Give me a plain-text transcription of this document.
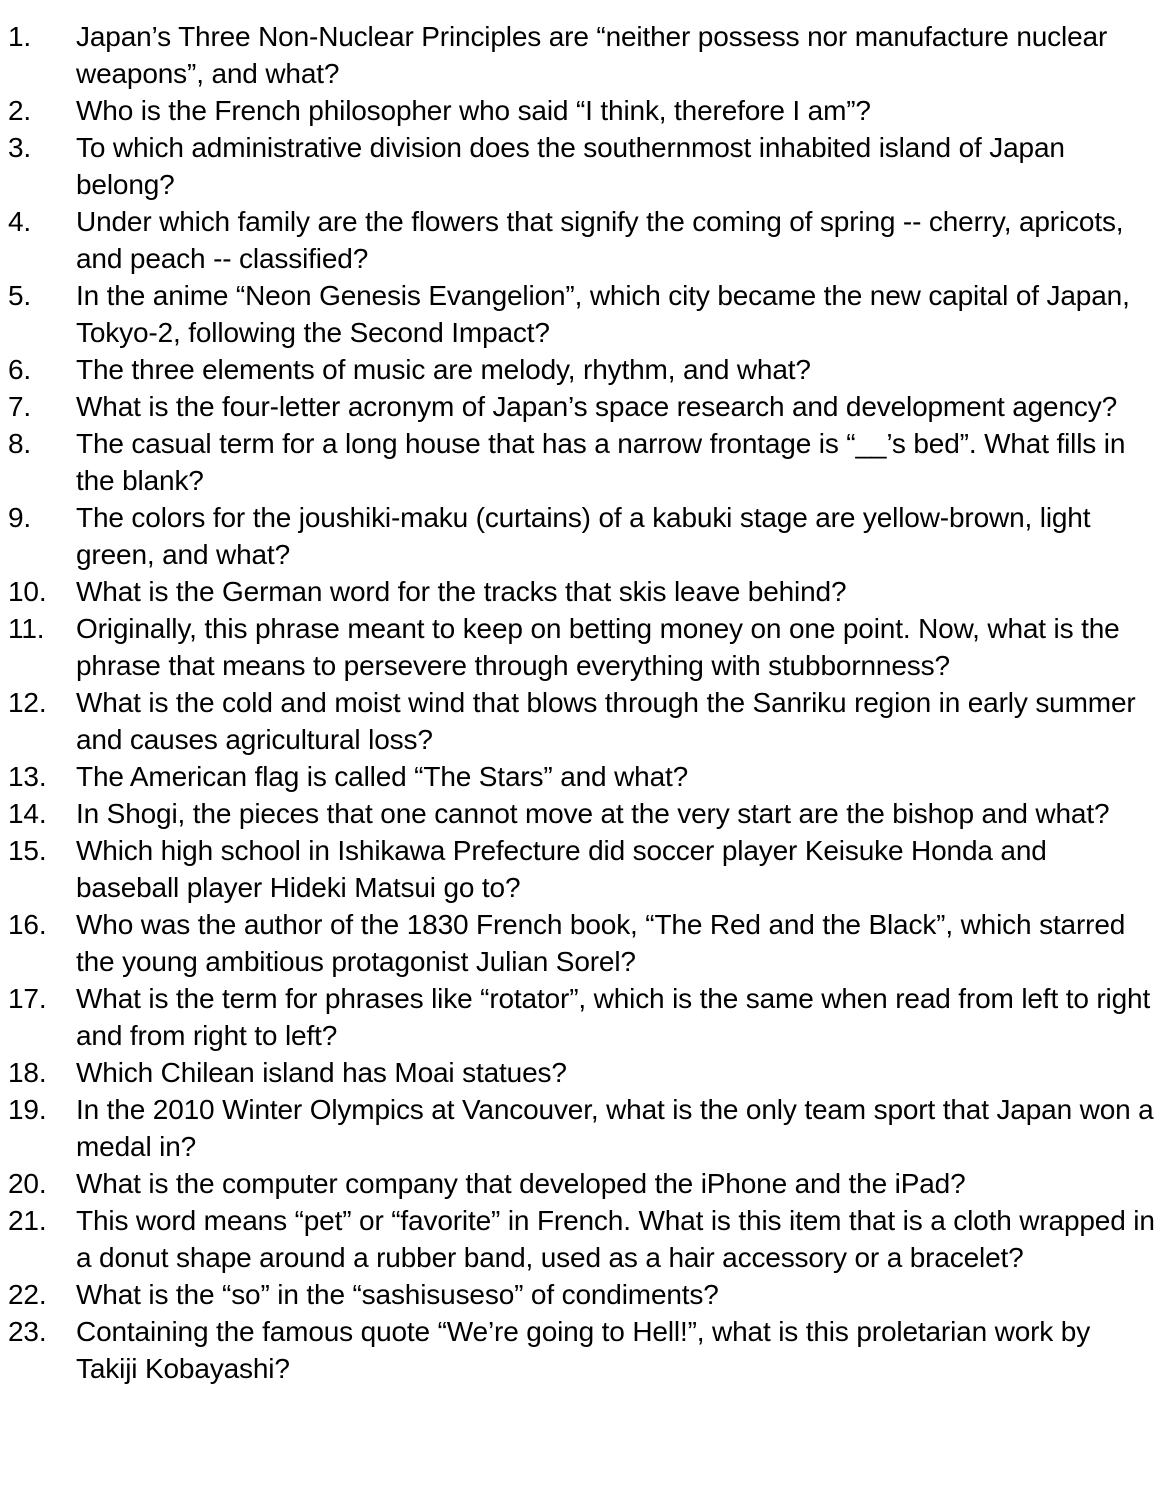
1. Japan’s Three Non-Nuclear Principles are “neither possess nor manufacture nuclear weapons”, and what?
2. Who is the French philosopher who said “I think, therefore I am”?
3. To which administrative division does the southernmost inhabited island of Japan belong?
4. Under which family are the flowers that signify the coming of spring -- cherry, apricots, and peach -- classified?
5. In the anime “Neon Genesis Evangelion”, which city became the new capital of Japan, Tokyo-2, following the Second Impact?
6. The three elements of music are melody, rhythm, and what?
7. What is the four-letter acronym of Japan’s space research and development agency?
8. The casual term for a long house that has a narrow frontage is “__’s bed”. What fills in the blank?
9. The colors for the joushiki-maku (curtains) of a kabuki stage are yellow-brown, light green, and what?
10. What is the German word for the tracks that skis leave behind?
11. Originally, this phrase meant to keep on betting money on one point. Now, what is the phrase that means to persevere through everything with stubbornness?
12. What is the cold and moist wind that blows through the Sanriku region in early summer and causes agricultural loss?
13. The American flag is called “The Stars” and what?
14. In Shogi, the pieces that one cannot move at the very start are the bishop and what?
15. Which high school in Ishikawa Prefecture did soccer player Keisuke Honda and baseball player Hideki Matsui go to?
16. Who was the author of the 1830 French book, “The Red and the Black”, which starred the young ambitious protagonist Julian Sorel?
17. What is the term for phrases like “rotator”, which is the same when read from left to right and from right to left?
18. Which Chilean island has Moai statues?
19. In the 2010 Winter Olympics at Vancouver, what is the only team sport that Japan won a medal in?
20. What is the computer company that developed the iPhone and the iPad?
21. This word means “pet” or “favorite” in French. What is this item that is a cloth wrapped in a donut shape around a rubber band, used as a hair accessory or a bracelet?
22. What is the “so” in the “sashisuseso” of condiments?
23. Containing the famous quote “We’re going to Hell!”, what is this proletarian work by Takiji Kobayashi?
